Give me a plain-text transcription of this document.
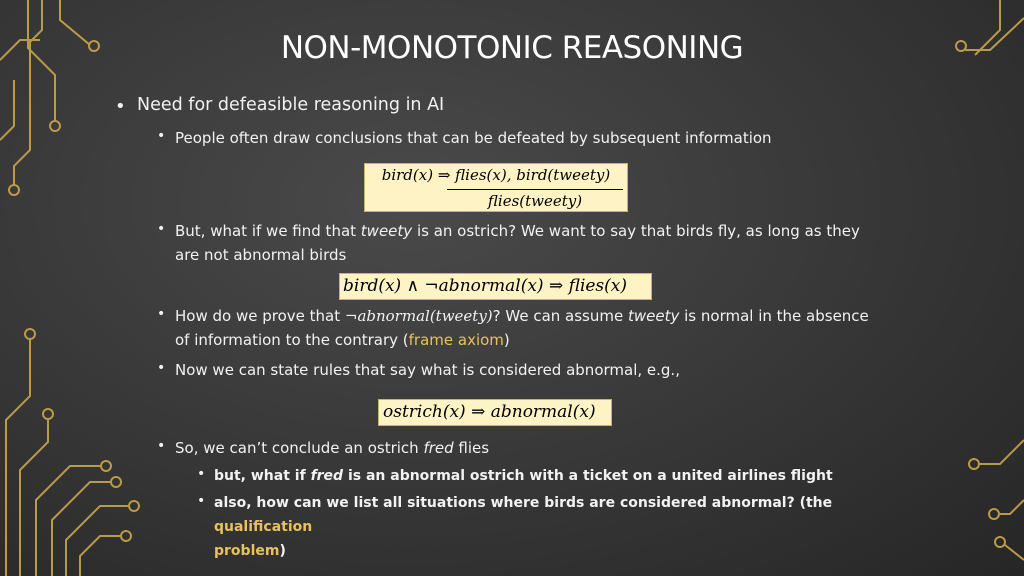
NON-MONOTONIC REASONING
• Need for defeasible reasoning in AI

• People often draw conclusions that can be defeated by subsequent information

bird(x) ⇒ flies(x), bird(tweety)
flies(tweety)
• But, what if we find that tweety is an ostrich? We want to say that birds fly, as long as they
are not abnormal birds

bird(x) ∧ ¬abnormal(x) ⇒ flies(x)
• How do we prove that ¬abnormal(tweety)? We can assume tweety is normal in the absence
of information to the contrary (frame axiom)

• Now we can state rules that say what is considered abnormal, e.g.,

ostrich(x) ⇒ abnormal(x)
• So, we can’t conclude an ostrich fred flies

• but, what if fred is an abnormal ostrich with a ticket on a united airlines flight

• also, how can we list all situations where birds are considered abnormal? (the qualification
problem)
